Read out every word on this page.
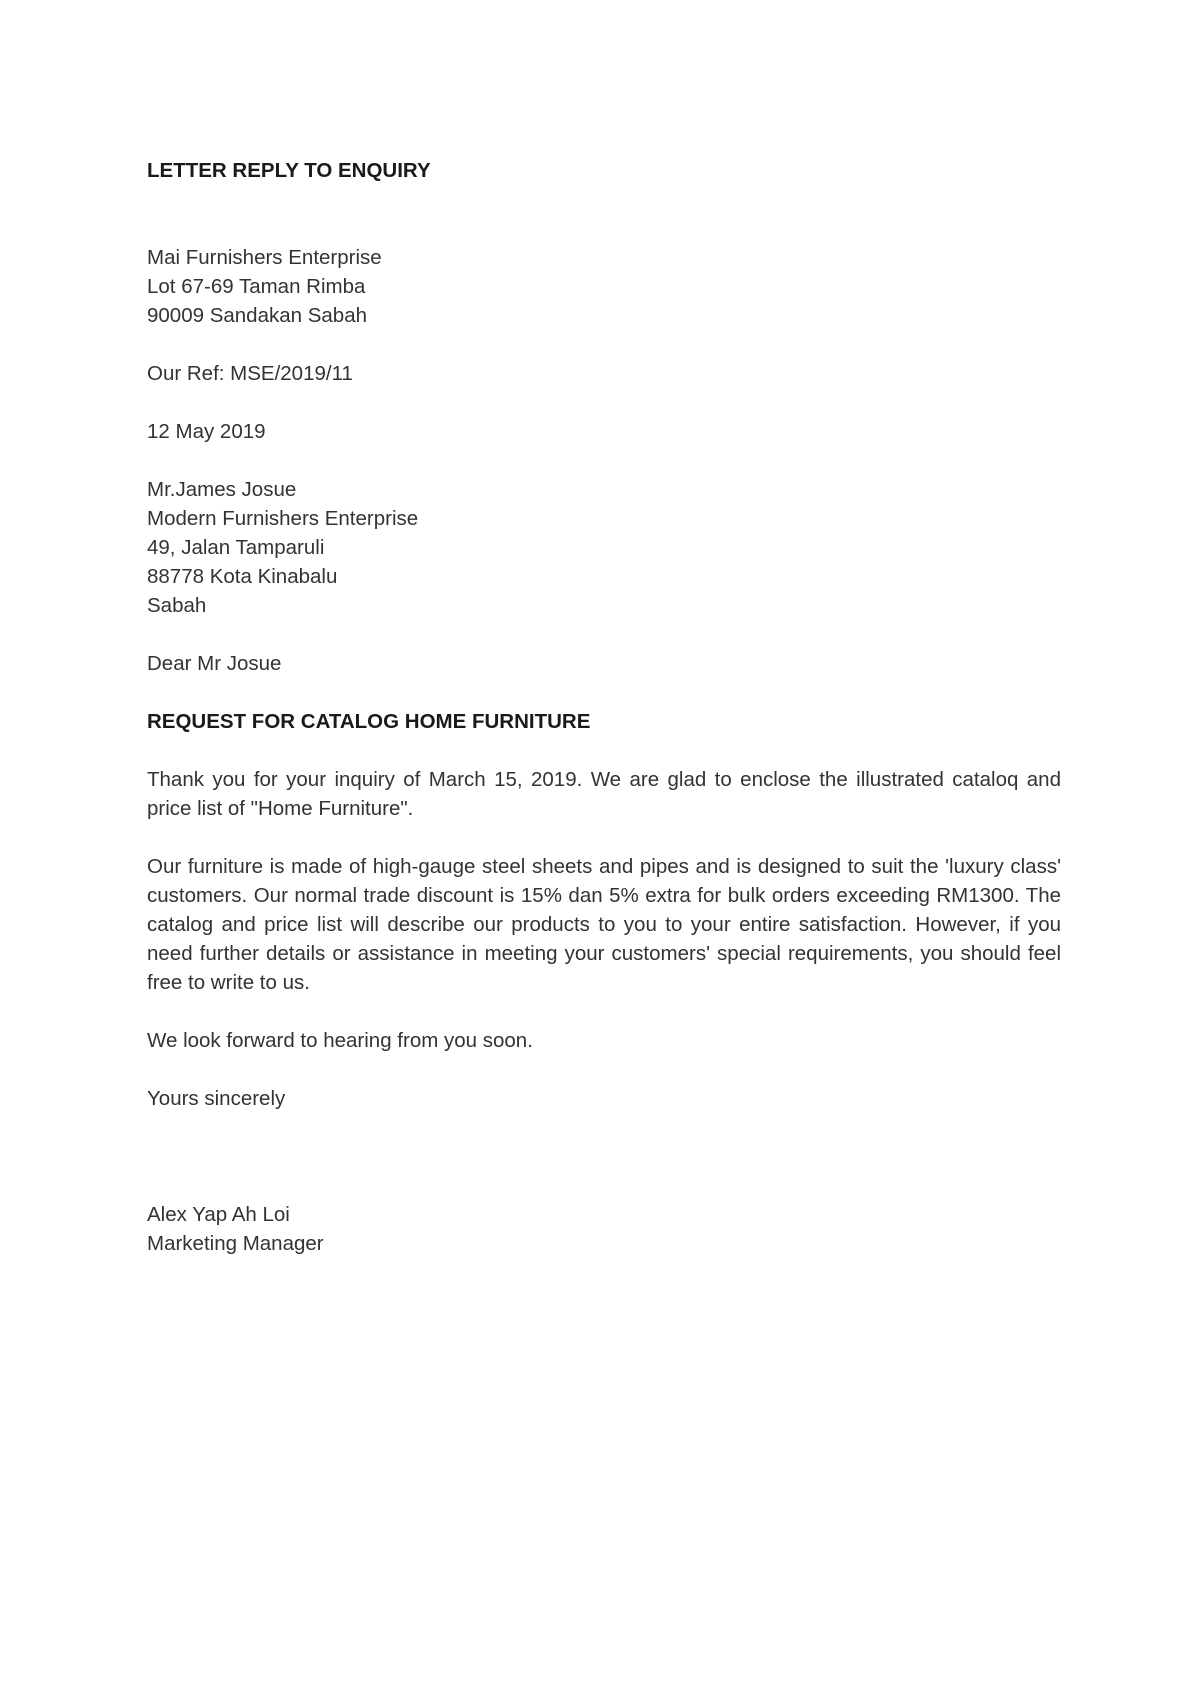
LETTER REPLY TO ENQUIRY
Mai Furnishers Enterprise
Lot 67-69 Taman Rimba
90009 Sandakan Sabah
Our Ref: MSE/2019/11
12 May 2019
Mr.James Josue
Modern Furnishers Enterprise
49, Jalan Tamparuli
88778 Kota Kinabalu
Sabah
Dear Mr Josue
REQUEST FOR CATALOG HOME FURNITURE

Thank you for your inquiry of March 15, 2019. We are glad to enclose the illustrated cataloq and price list of "Home Furniture".

Our furniture is made of high-gauge steel sheets and pipes and is designed to suit the 'luxury class' customers. Our normal trade discount is 15% dan 5% extra for bulk orders exceeding RM1300. The catalog and price list will describe our products to you to your entire satisfaction. However, if you need further details or assistance in meeting your customers' special requirements, you should feel free to write to us.

We look forward to hearing from you soon.

Yours sincerely
Alex Yap Ah Loi
Marketing Manager
